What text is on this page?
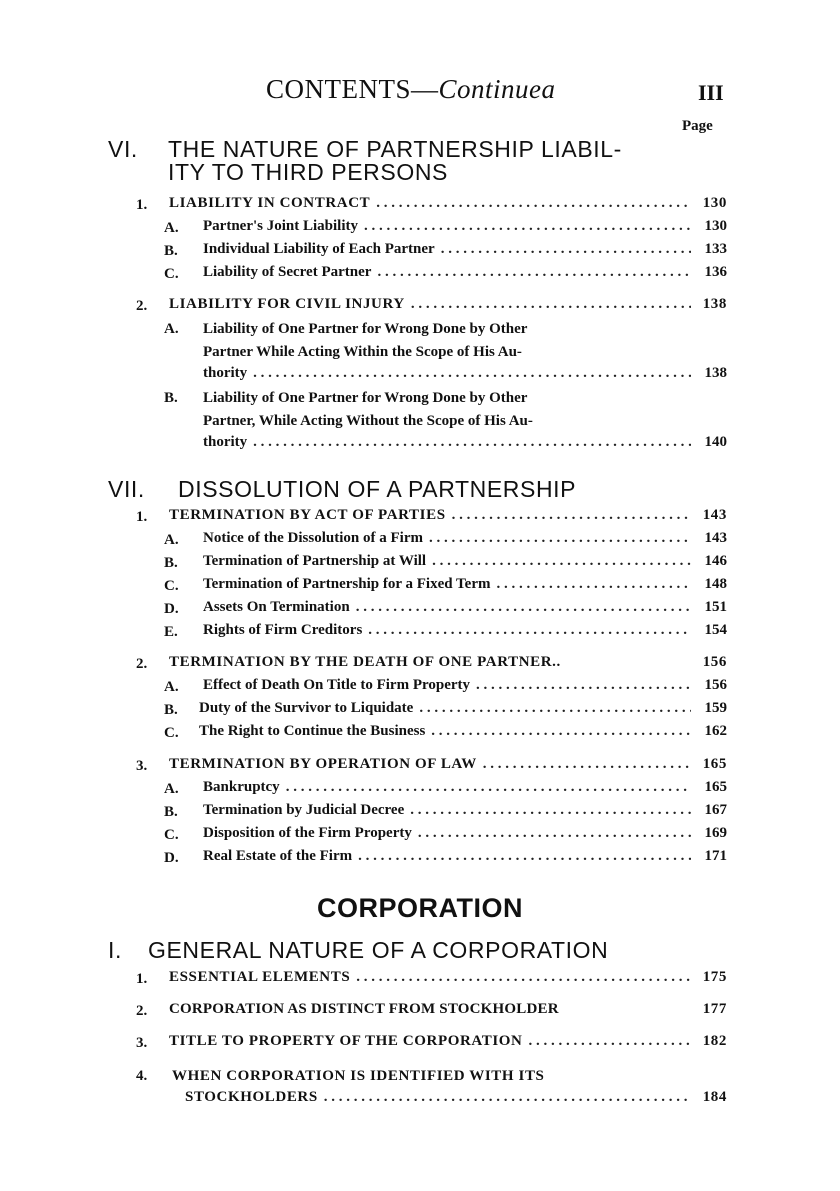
CONTENTS—Continuea	III
Page
VI. THE NATURE OF PARTNERSHIP LIABIL-
ITY TO THIRD PERSONS
1. LIABILITY IN CONTRACT . . .	130
A. Partner's Joint Liability . . .	130
B. Individual Liability of Each Partner . . .	133
C. Liability of Secret Partner . . .	136
2. LIABILITY FOR CIVIL INJURY . . .	138
A. Liability of One Partner for Wrong Done by Other
Partner While Acting Within the Scope of His Au-
thority . . .	138
B. Liability of One Partner for Wrong Done by Other
Partner, While Acting Without the Scope of His Au-
thority . . .	140
VII. DISSOLUTION OF A PARTNERSHIP
1. TERMINATION BY ACT OF PARTIES . . .	143
A. Notice of the Dissolution of a Firm . . .	143
B. Termination of Partnership at Will . . .	146
C. Termination of Partnership for a Fixed Term . . .	148
D. Assets On Termination . . .	151
E. Rights of Firm Creditors . . .	154
2. TERMINATION BY THE DEATH OF ONE PARTNER..	156
A. Effect of Death On Title to Firm Property . . .	156
B. Duty of the Survivor to Liquidate . . .	159
C. The Right to Continue the Business . . .	162
3. TERMINATION BY OPERATION OF LAW . . .	165
A. Bankruptcy . . .	165
B. Termination by Judicial Decree . . .	167
C. Disposition of the Firm Property . . .	169
D. Real Estate of the Firm . . .	171
CORPORATION
I. GENERAL NATURE OF A CORPORATION
1. ESSENTIAL ELEMENTS . . .	175
2. CORPORATION AS DISTINCT FROM STOCKHOLDER	177
3. TITLE TO PROPERTY OF THE CORPORATION . . .	182
4. WHEN CORPORATION IS IDENTIFIED WITH ITS
STOCKHOLDERS . . .	184
